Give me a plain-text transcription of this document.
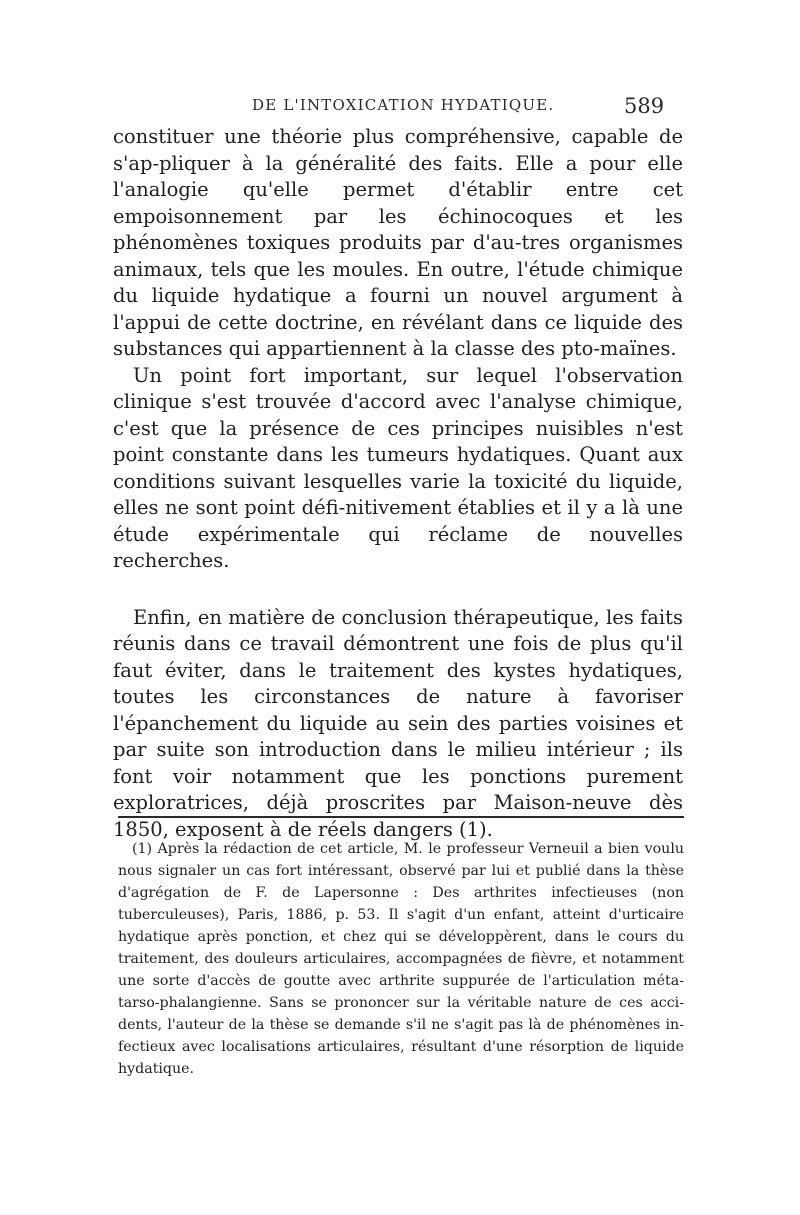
DE L'INTOXICATION HYDATIQUE.	589

constituer une théorie plus compréhensive, capable de s'ap-pliquer à la généralité des faits. Elle a pour elle l'analogie qu'elle permet d'établir entre cet empoisonnement par les échinocoques et les phénomènes toxiques produits par d'au-tres organismes animaux, tels que les moules. En outre, l'étude chimique du liquide hydatique a fourni un nouvel argument à l'appui de cette doctrine, en révélant dans ce liquide des substances qui appartiennent à la classe des pto-maïnes.

Un point fort important, sur lequel l'observation clinique s'est trouvée d'accord avec l'analyse chimique, c'est que la présence de ces principes nuisibles n'est point constante dans les tumeurs hydatiques. Quant aux conditions suivant lesquelles varie la toxicité du liquide, elles ne sont point défi-nitivement établies et il y a là une étude expérimentale qui réclame de nouvelles recherches.

Enfin, en matière de conclusion thérapeutique, les faits réunis dans ce travail démontrent une fois de plus qu'il faut éviter, dans le traitement des kystes hydatiques, toutes les circonstances de nature à favoriser l'épanchement du liquide au sein des parties voisines et par suite son introduction dans le milieu intérieur ; ils font voir notamment que les ponctions purement exploratrices, déjà proscrites par Maison-neuve dès 1850, exposent à de réels dangers (1).

(1) Après la rédaction de cet article, M. le professeur Verneuil a bien voulu nous signaler un cas fort intéressant, observé par lui et publié dans la thèse d'agrégation de F. de Lapersonne : Des arthrites infectieuses (non tuberculeuses), Paris, 1886, p. 53. Il s'agit d'un enfant, atteint d'urticaire hydatique après ponction, et chez qui se développèrent, dans le cours du traitement, des douleurs articulaires, accompagnées de fièvre, et notamment une sorte d'accès de goutte avec arthrite suppurée de l'articulation méta-tarso-phalangienne. Sans se prononcer sur la véritable nature de ces acci-dents, l'auteur de la thèse se demande s'il ne s'agit pas là de phénomènes in-fectieux avec localisations articulaires, résultant d'une résorption de liquide hydatique.
